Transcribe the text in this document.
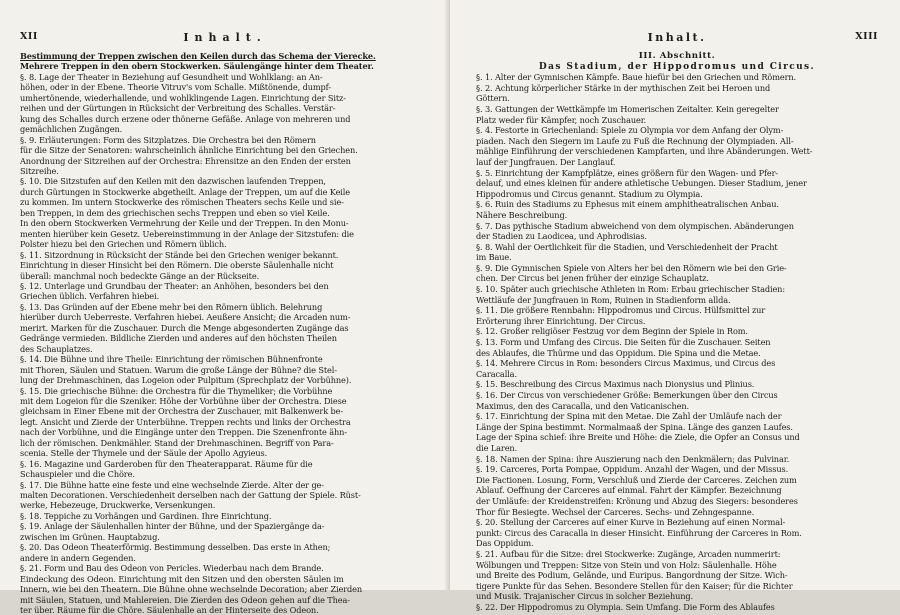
XII	Inhalt.
Bestimmung der Treppen zwischen den Keilen durch das Schema der Vierecke.
Mehrere Treppen in den obern Stockwerken. Säulengänge hinter dem Theater.
§. 8. Lage der Theater in Beziehung auf Gesundheit und Wohlklang: an An-
höhen, oder in der Ebene. Theorie Vitruv's vom Schalle. Mißtönende, dumpf-
umhertönende, wiederhallende, und wohlklingende Lagen. Einrichtung der Sitz-
reihen und der Gürtungen in Rücksicht der Verbreitung des Schalles. Verstär-
kung des Schalles durch erzene oder thönerne Gefäße. Anlage von mehreren und
gemächlichen Zugängen.
§. 9. Erläuterungen: Form des Sitzplatzes. Die Orchestra bei den Römern
für die Sitze der Senatoren: wahrscheinlich ähnliche Einrichtung bei den Griechen.
Anordnung der Sitzreihen auf der Orchestra: Ehrensitze an den Enden der ersten
Sitzreihe.
§. 10. Die Sitzstufen auf den Keilen mit den dazwischen laufenden Treppen,
durch Gürtungen in Stockwerke abgetheilt. Anlage der Treppen, um auf die Keile
zu kommen. Im untern Stockwerke des römischen Theaters sechs Keile und sie-
ben Treppen, in dem des griechischen sechs Treppen und eben so viel Keile.
In den obern Stockwerken Vermehrung der Keile und der Treppen. In den Monu-
menten hierüber kein Gesetz. Uebereinstimmung in der Anlage der Sitzstufen: die
Polster hiezu bei den Griechen und Römern üblich.
§. 11. Sitzordnung in Rücksicht der Stände bei den Griechen weniger bekannt.
Einrichtung in dieser Hinsicht bei den Römern. Die oberste Säulenhalle nicht
überall: manchmal noch bedeckte Gänge an der Rückseite.
§. 12. Unterlage und Grundbau der Theater: an Anhöhen, besonders bei den
Griechen üblich. Verfahren hiebei.
§. 13. Das Gründen auf der Ebene mehr bei den Römern üblich. Belehrung
hierüber durch Ueberreste. Verfahren hiebei. Aeußere Ansicht; die Arcaden num-
merirt. Marken für die Zuschauer. Durch die Menge abgesonderten Zugänge das
Gedränge vermieden. Bildliche Zierden und anderes auf den höchsten Theilen
des Schauplatzes.
§. 14. Die Bühne und ihre Theile: Einrichtung der römischen Bühnenfronte
mit Thoren, Säulen und Statuen. Warum die große Länge der Bühne? die Stel-
lung der Drehmaschinen, das Logeion oder Pulpitum (Sprechplatz der Vorbühne).
§. 15. Die griechische Bühne: die Orchestra für die Thymeliker; die Vorbühne
mit dem Logeion für die Szeniker. Höhe der Vorbühne über der Orchestra. Diese
gleichsam in Einer Ebene mit der Orchestra der Zuschauer, mit Balkenwerk be-
legt. Ansicht und Zierde der Unterbühne. Treppen rechts und links der Orchestra
nach der Vorbühne, und die Eingänge unter den Treppen. Die Szenenfronte ähn-
lich der römischen. Denkmähler. Stand der Drehmaschinen. Begriff von Para-
scenia. Stelle der Thymele und der Säule der Apollo Agyieus.
§. 16. Magazine und Garderoben für den Theaterapparat. Räume für die
Schauspieler und die Chöre.
§. 17. Die Bühne hatte eine feste und eine wechselnde Zierde. Alter der ge-
malten Decorationen. Verschiedenheit derselben nach der Gattung der Spiele. Rüst-
werke, Hebezeuge, Druckwerke, Versenkungen.
§. 18. Teppiche zu Vorhängen und Gardinen. Ihre Einrichtung.
§. 19. Anlage der Säulenhallen hinter der Bühne, und der Spaziergänge da-
zwischen im Grünen. Hauptabzug.
§. 20. Das Odeon Theaterförmig. Bestimmung desselben. Das erste in Athen;
andere in andern Gegenden.
§. 21. Form und Bau des Odeon von Pericles. Wiederbau nach dem Brande.
Eindeckung des Odeon. Einrichtung mit den Sitzen und den obersten Säulen im
Innern, wie bei den Theatern. Die Bühne ohne wechselnde Decoration; aber Zierden
mit Säulen, Statuen, und Mahlereien. Die Zierden des Odeon gehen auf die Thea-
ter über. Räume für die Chöre. Säulenhalle an der Hinterseite des Odeon.
Inhalt.	XIII
III. Abschnitt.
Das Stadium, der Hippodromus und Circus.
§. 1. Alter der Gymnischen Kämpfe. Baue hiefür bei den Griechen und Römern.
§. 2. Achtung körperlicher Stärke in der mythischen Zeit bei Heroen und
Göttern.
§. 3. Gattungen der Wettkämpfe im Homerischen Zeitalter. Kein geregelter
Platz weder für Kämpfer, noch Zuschauer.
§. 4. Festorte in Griechenland: Spiele zu Olympia vor dem Anfang der Olym-
piaden. Nach den Siegern im Laufe zu Fuß die Rechnung der Olympiaden. All-
mählige Einführung der verschiedenen Kampfarten, und ihre Abänderungen. Wett-
lauf der Jungfrauen. Der Langlauf.
§. 5. Einrichtung der Kampfplätze, eines größern für den Wagen- und Pfer-
delauf, und eines kleinen für andere athletische Uebungen. Dieser Stadium, jener
Hippodromus und Circus genannt. Stadium zu Olympia.
§. 6. Ruin des Stadiums zu Ephesus mit einem amphitheatralischen Anbau.
Nähere Beschreibung.
§. 7. Das pythische Stadium abweichend von dem olympischen. Abänderungen
der Stadien zu Laodicea, und Aphrodisias.
§. 8. Wahl der Oertlichkeit für die Stadien, und Verschiedenheit der Pracht
im Baue.
§. 9. Die Gymnischen Spiele von Alters her bei den Römern wie bei den Grie-
chen. Der Circus bei jenen früher der einzige Schauplatz.
§. 10. Später auch griechische Athleten in Rom: Erbau griechischer Stadien:
Wettläufe der Jungfrauen in Rom, Ruinen in Stadienform allda.
§. 11. Die größere Rennbahn: Hippodromus und Circus. Hülfsmittel zur
Erörterung ihrer Einrichtung. Der Circus.
§. 12. Großer religiöser Festzug vor dem Beginn der Spiele in Rom.
§. 13. Form und Umfang des Circus. Die Seiten für die Zuschauer. Seiten
des Ablaufes, die Thürme und das Oppidum. Die Spina und die Metae.
§. 14. Mehrere Circus in Rom: besonders Circus Maximus, und Circus des
Caracalla.
§. 15. Beschreibung des Circus Maximus nach Dionysius und Plinius.
§. 16. Der Circus von verschiedener Größe: Bemerkungen über den Circus
Maximus, den des Caracalla, und den Vaticanischen.
§. 17. Einrichtung der Spina mit den Metae. Die Zahl der Umläufe nach der
Länge der Spina bestimmt. Normalmaaß der Spina. Länge des ganzen Laufes.
Lage der Spina schief: ihre Breite und Höhe: die Ziele, die Opfer an Consus und
die Laren.
§. 18. Namen der Spina: ihre Auszierung nach den Denkmälern; das Pulvinar.
§. 19. Carceres, Porta Pompae, Oppidum. Anzahl der Wagen, und der Missus.
Die Factionen. Losung, Form, Verschluß und Zierde der Carceres. Zeichen zum
Ablauf. Oeffnung der Carceres auf einmal. Fahrt der Kämpfer. Bezeichnung
der Umläufe: der Kreidenstreifen: Krönung und Abzug des Siegers: besonderes
Thor für Besiegte. Wechsel der Carceres. Sechs- und Zehngespanne.
§. 20. Stellung der Carceres auf einer Kurve in Beziehung auf einen Normal-
punkt: Circus des Caracalla in dieser Hinsicht. Einführung der Carceres in Rom.
Das Oppidum.
§. 21. Aufbau für die Sitze: drei Stockwerke: Zugänge, Arcaden nummerirt:
Wölbungen und Treppen: Sitze von Stein und von Holz: Säulenhalle. Höhe
und Breite des Podium, Gelände, und Euripus. Bangordnung der Sitze. Wich-
tigere Punkte für das Sehen. Besondere Stellen für den Kaiser; für die Richter
und Musik. Trajanischer Circus in solcher Beziehung.
§. 22. Der Hippodromus zu Olympia. Sein Umfang. Die Form des Ablaufes
